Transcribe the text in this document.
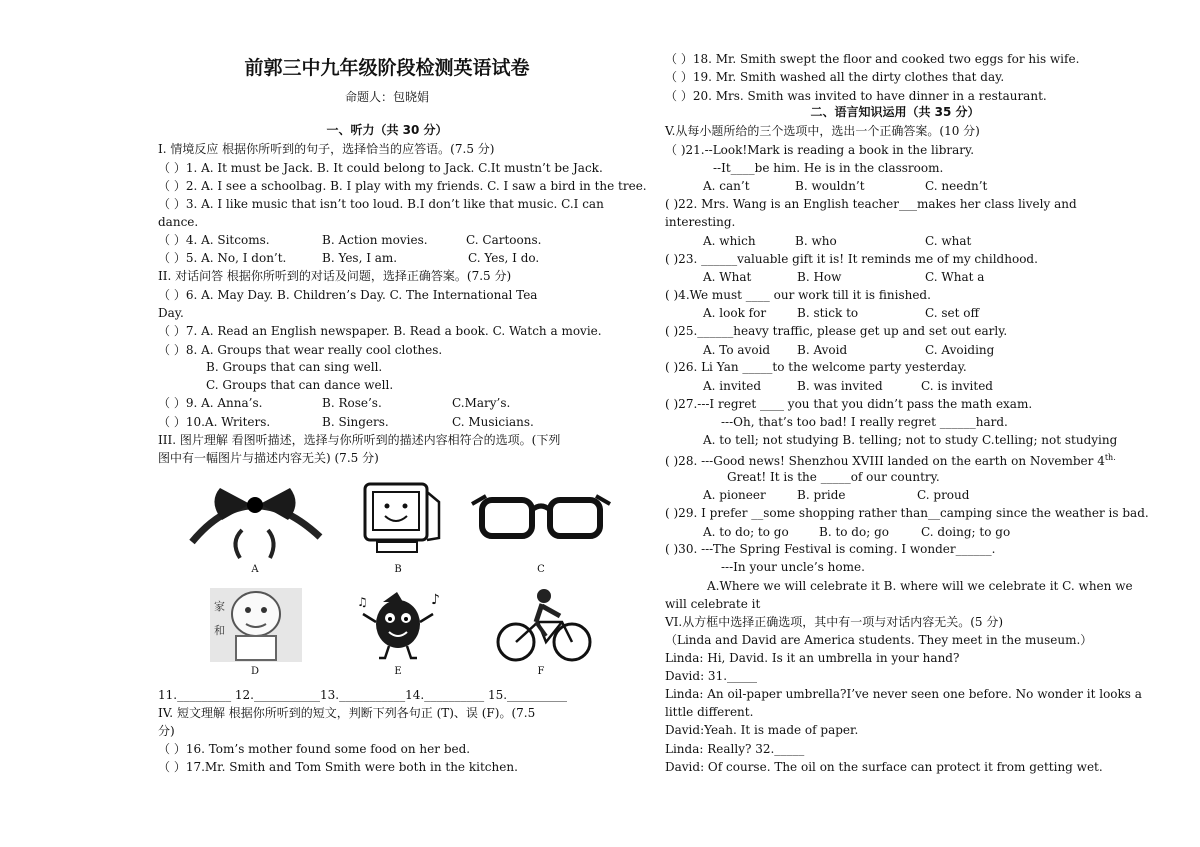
前郭三中九年级阶段检测英语试卷
命题人：包晓娟
一、听力（共 30 分）
I. 情境反应 根据你所听到的句子，选择恰当的应答语。(7.5 分)
（ ）1. A. It must be Jack. B. It could belong to Jack. C.It mustn’t be Jack.
（ ）2. A. I see a schoolbag. B. I play with my friends. C. I saw a bird in the tree.
（ ）3. A. I like music that isn’t too loud. B.I don’t like that music. C.I can
dance.
（ ）4. A. Sitcoms.	B. Action movies.	C. Cartoons.
（ ）5. A. No, I don’t.	B. Yes, I am.	C. Yes, I do.
II. 对话问答 根据你所听到的对话及问题，选择正确答案。(7.5 分)
（ ）6. A. May Day. B. Children’s Day. C. The International Tea
Day.
（ ）7. A. Read an English newspaper. B. Read a book. C. Watch a movie.
（ ）8. A. Groups that wear really cool clothes.
B. Groups that can sing well.
C. Groups that can dance well.
（ ）9. A. Anna’s.	B. Rose’s.	C.Mary’s.
（ ）10.A. Writers.	B. Singers.	C. Musicians.
III. 图片理解 看图听描述，选择与你所听到的描述内容相符合的选项。(下列
图中有一幅图片与描述内容无关) (7.5 分)
A	B	C
家
和
D
♪
♫
E	F
11._________ 12.___________13.___________14.__________ 15.__________
IV. 短文理解 根据你所听到的短文，判断下列各句正 (T)、误 (F)。(7.5
分)
（ ）16. Tom’s mother found some food on her bed.
（ ）17.Mr. Smith and Tom Smith were both in the kitchen.
（ ）18. Mr. Smith swept the floor and cooked two eggs for his wife.
（ ）19. Mr. Smith washed all the dirty clothes that day.
（ ）20. Mrs. Smith was invited to have dinner in a restaurant.
二、语言知识运用（共 35 分）
V.从每小题所给的三个选项中，选出一个正确答案。(10 分)
（ )21.--Look!Mark is reading a book in the library.
--It____be him. He is in the classroom.
A. can’t	B. wouldn’t	C. needn’t
( )22. Mrs. Wang is an English teacher___makes her class lively and
interesting.
A. which	B. who	C. what
( )23. ______valuable gift it is! It reminds me of my childhood.
A. What	B. How	C. What a
( )4.We must ____ our work till it is finished.
A. look for	B. stick to	C. set off
( )25.______heavy traffic, please get up and set out early.
A. To avoid B. Avoid	C. Avoiding
( )26. Li Yan _____to the welcome party yesterday.
A. invited	B. was invited	C. is invited
( )27.---I regret ____ you that you didn’t pass the math exam.
---Oh, that’s too bad! I really regret ______hard.
A. to tell; not studying B. telling; not to study C.telling; not studying
( )28. ---Good news! Shenzhou XVIII landed on the earth on November $4^{th.}$
Great! It is the _____of our country.
A. pioneer	B. pride	C. proud
( )29. I prefer __some shopping rather than__camping since the weather is bad.
A. to do; to go	B. to do; go	C. doing; to go
( )30. ---The Spring Festival is coming. I wonder______.
---In your uncle’s home.
A.Where we will celebrate it B. where will we celebrate it C. when we
will celebrate it
VI.从方框中选择正确选项，其中有一项与对话内容无关。(5 分)
（Linda and David are America students. They meet in the museum.）
Linda: Hi, David. Is it an umbrella in your hand?
David: 31._____
Linda: An oil-paper umbrella?I’ve never seen one before. No wonder it looks a
little different.
David:Yeah. It is made of paper.
Linda: Really? 32._____
David: Of course. The oil on the surface can protect it from getting wet.
